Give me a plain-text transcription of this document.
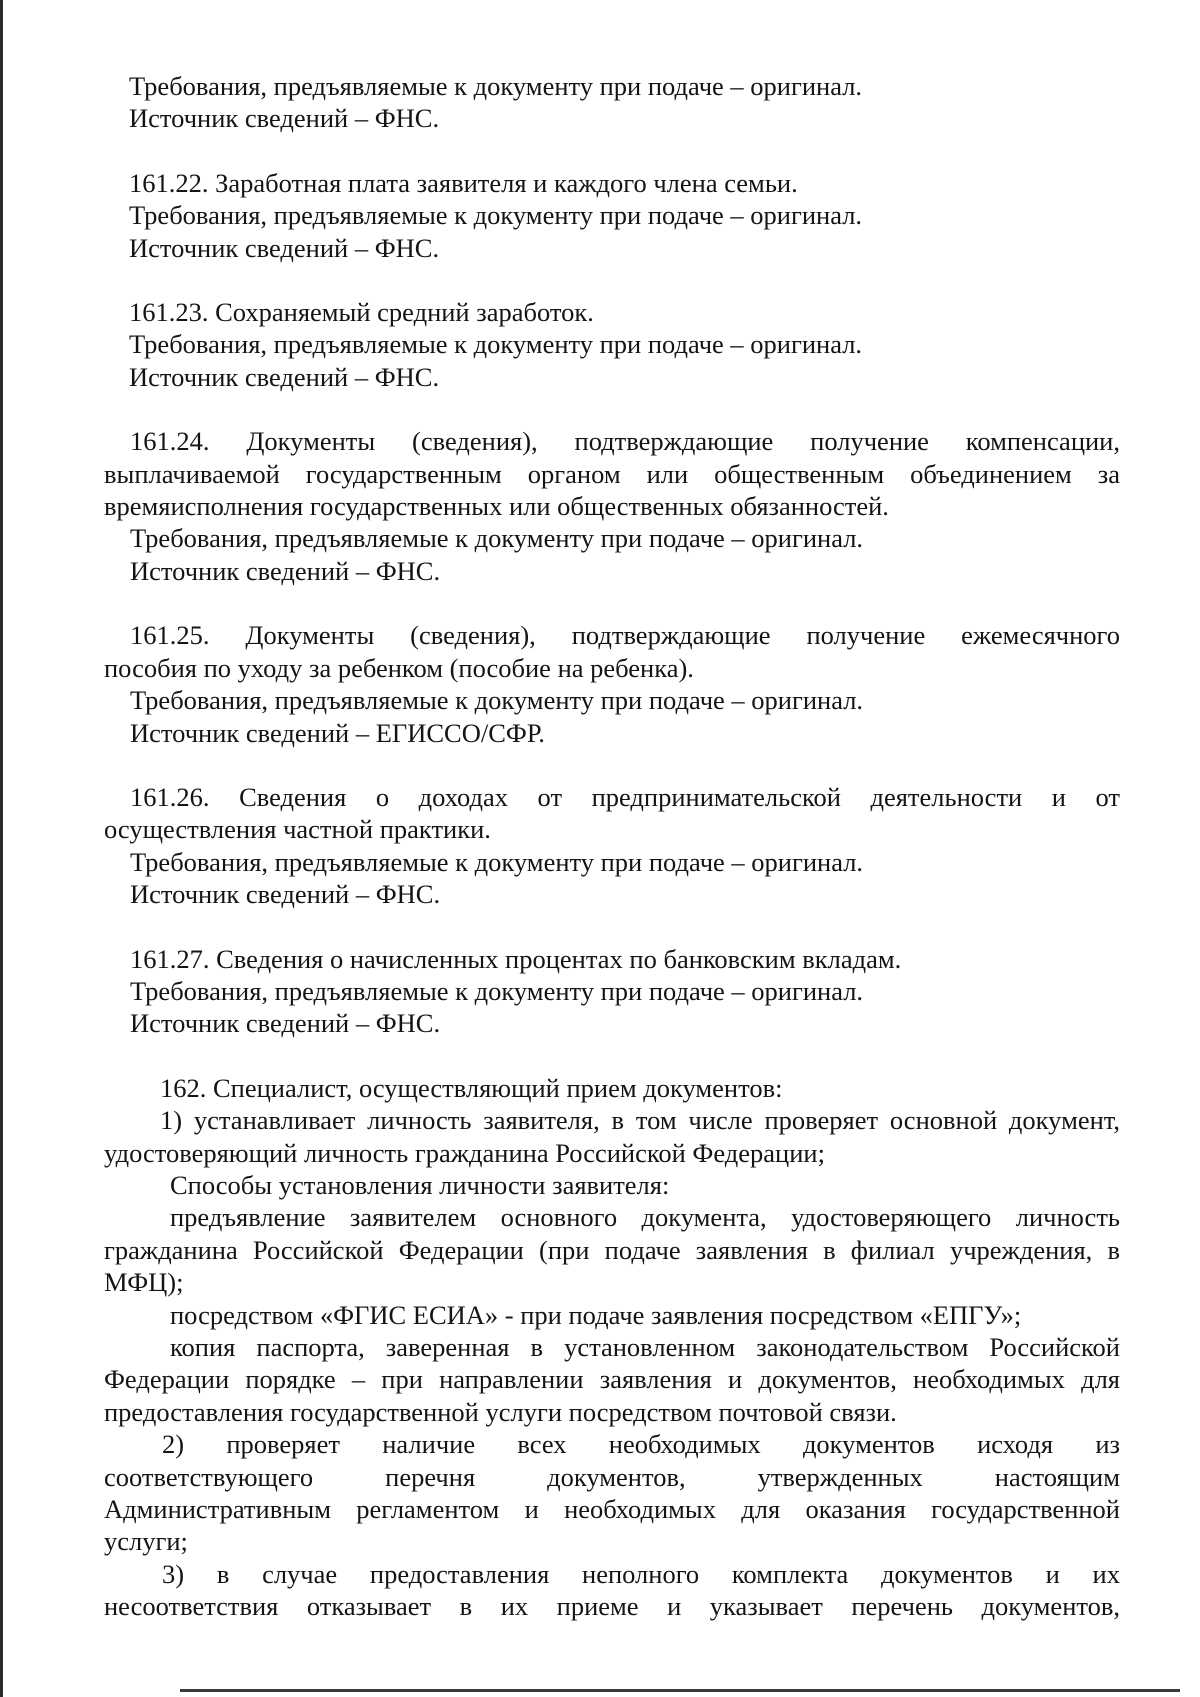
Требования, предъявляемые к документу при подаче – оригинал.
Источник сведений – ФНС.
161.22. Заработная плата заявителя и каждого члена семьи.
Требования, предъявляемые к документу при подаче – оригинал.
Источник сведений – ФНС.
161.23. Сохраняемый средний заработок.
Требования, предъявляемые к документу при подаче – оригинал.
Источник сведений – ФНС.
161.24. Документы (сведения), подтверждающие получение компенсации,
выплачиваемой государственным органом или общественным объединением за
времяисполнения государственных или общественных обязанностей.
Требования, предъявляемые к документу при подаче – оригинал.
Источник сведений – ФНС.
161.25. Документы (сведения), подтверждающие получение ежемесячного
пособия по уходу за ребенком (пособие на ребенка).
Требования, предъявляемые к документу при подаче – оригинал.
Источник сведений – ЕГИССО/СФР.
161.26. Сведения о доходах от предпринимательской деятельности и от
осуществления частной практики.
Требования, предъявляемые к документу при подаче – оригинал.
Источник сведений – ФНС.
161.27. Сведения о начисленных процентах по банковским вкладам.
Требования, предъявляемые к документу при подаче – оригинал.
Источник сведений – ФНС.
162. Специалист, осуществляющий прием документов:
1) устанавливает личность заявителя, в том числе проверяет основной документ,
удостоверяющий личность гражданина Российской Федерации;
Способы установления личности заявителя:
предъявление заявителем основного документа, удостоверяющего личность
гражданина Российской Федерации (при подаче заявления в филиал учреждения, в
МФЦ);
посредством «ФГИС ЕСИА» - при подаче заявления посредством «ЕПГУ»;
копия паспорта, заверенная в установленном законодательством Российской
Федерации порядке – при направлении заявления и документов, необходимых для
предоставления государственной услуги посредством почтовой связи.
2) проверяет наличие всех необходимых документов исходя из
соответствующего перечня документов, утвержденных настоящим
Административным регламентом и необходимых для оказания государственной
услуги;
3) в случае предоставления неполного комплекта документов и их
несоответствия отказывает в их приеме и указывает перечень документов,
